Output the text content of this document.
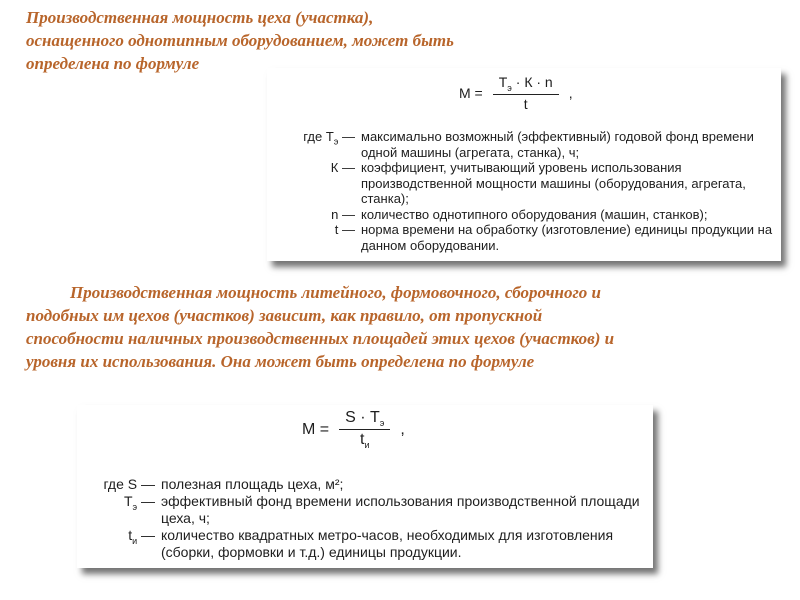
Производственная мощность цеха (участка),
оснащенного однотипным оборудованием, может быть
определена по формуле
$М = \frac{Т_э \cdot К \cdot n}{t}$ ,
где $Т_э$ — максимально возможный (эффективный) годовой фонд времени одной машины (агрегата, станка), ч;
К — коэффициент, учитывающий уровень использования производственной мощности машины (оборудования, агрегата, станка);
n — количество однотипного оборудования (машин, станков);
t — норма времени на обработку (изготовление) единицы продукции на данном оборудовании.
Производственная мощность литейного, формовочного, сборочного и
подобных им цехов (участков) зависит, как правило, от пропускной
способности наличных производственных площадей этих цехов (участков) и
уровня их использования. Она может быть определена по формуле
$М = \frac{S \cdot Т_э}{t_и}$ ,
где S — полезная площадь цеха, м²;
$Т_э$ — эффективный фонд времени использования производственной площади цеха, ч;
$t_и$ — количество квадратных метро-часов, необходимых для изготовления (сборки, формовки и т.д.) единицы продукции.
